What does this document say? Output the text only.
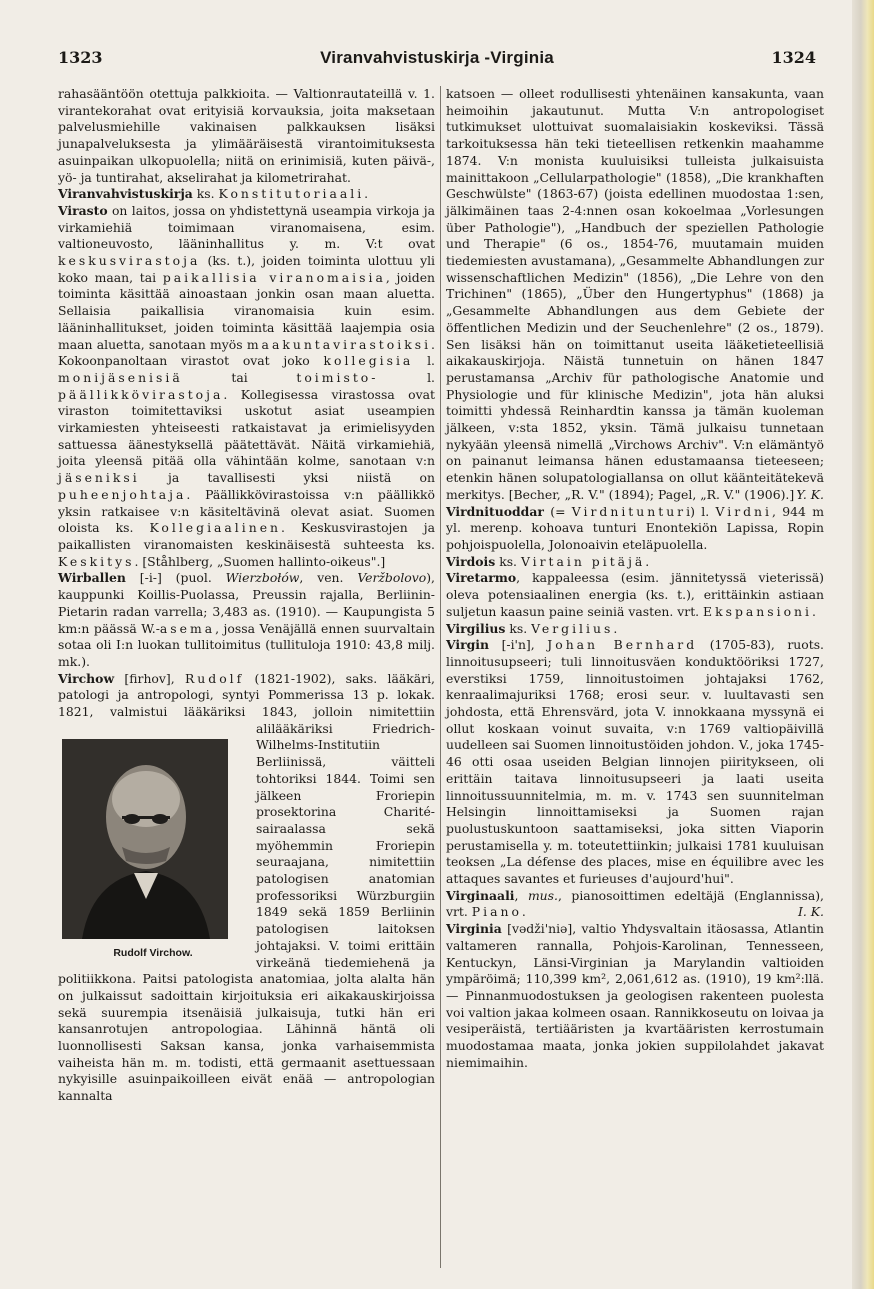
1323	Viranvahvistuskirja -Virginia	1324

rahasääntöön otettuja palkkioita. — Valtionrautateillä v. 1. virantekorahat ovat erityisiä korvauksia, joita maksetaan palvelusmiehille vakinaisen palkkauksen lisäksi junapalveluksesta ja ylimääräisestä virantoimituksesta asuinpaikan ulkopuolella; niitä on erinimisiä, kuten päivä-, yö- ja tuntirahat, akselirahat ja kilometrirahat.

Viranvahvistuskirja ks. Konstitutoriaali.

Virasto on laitos, jossa on yhdistettynä useampia virkoja ja virkamiehiä toimimaan viranomaisena, esim. valtioneuvosto, lääninhallitus y. m. V:t ovat keskusvirastoja (ks. t.), joiden toiminta ulottuu yli koko maan, tai paikallisia viranomaisia, joiden toiminta käsittää ainoastaan jonkin osan maan aluetta. Sellaisia paikallisia viranomaisia kuin esim. lääninhallitukset, joiden toiminta käsittää laajempia osia maan aluetta, sanotaan myös maakuntavirastoiksi. Kokoonpanoltaan virastot ovat joko kollegisia l. monijäsenisiä tai toimisto- l. päällikkövirastoja. Kollegisessa virastossa ovat viraston toimitettaviksi uskotut asiat useampien virkamiesten yhteiseesti ratkaistavat ja erimielisyyden sattuessa äänestyksellä päätettävät. Näitä virkamiehiä, joita yleensä pitää olla vähintään kolme, sanotaan v:n jäseniksi ja tavallisesti yksi niistä on puheenjohtaja. Päällikkövirastoissa v:n päällikkö yksin ratkaisee v:n käsiteltävinä olevat asiat. Suomen oloista ks. Kollegiaalinen. Keskusvirastojen ja paikallisten viranomaisten keskinäisestä suhteesta ks. Keskitys. [Ståhlberg, „Suomen hallinto-oikeus".]

Wirballen [-i-] (puol. Wierzbołów, ven. Veržbolovo), kauppunki Koillis-Puolassa, Preussin rajalla, Berliinin-Pietarin radan varrella; 3,483 as. (1910). — Kaupungista 5 km:n päässä W.-asema, jossa Venäjällä ennen suurvaltain sotaa oli I:n luokan tullitoimitus (tullituloja 1910: 43,8 milj. mk.).

Virchow [firhov], Rudolf (1821-1902), saks. lääkäri, patologi ja antropologi, syntyi Pommerissa 13 p. lokak. 1821, valmistui lääkäriksi 1843,
Rudolf Virchow.
jolloin nimitettiin alilääkäriksi Friedrich-Wilhelms-Institutiin Berliinissä, väitteli tohtoriksi 1844. Toimi sen jälkeen Froriepin prosektorina Charité-sairaalassa sekä myöhemmin Froriepin seuraajana, nimitettiin patologisen anatomian professoriksi Würzburgiin 1849 sekä 1859 Berliinin patologisen laitoksen johtajaksi. V. toimi erittäin virkeänä tiedemiehenä ja politiikkona. Paitsi patologista anatomiaa, jolta alalta hän on julkaissut sadoittain kirjoituksia eri aikakauskirjoissa sekä suurempia itsenäisiä julkaisuja, tutki hän eri kansanrotujen antropologiaa. Lähinnä häntä oli luonnollisesti Saksan kansa, jonka varhaisemmista vaiheista hän m. m. todisti, että germaanit asettuessaan nykyisille asuinpaikoilleen eivät enää — antropologian kannalta

katsoen — olleet rodullisesti yhtenäinen kansakunta, vaan heimoihin jakautunut. Mutta V:n antropologiset tutkimukset ulottuivat suomalaisiakin koskeviksi. Tässä tarkoituksessa hän teki tieteellisen retkenkin maahamme 1874. V:n monista kuuluisiksi tulleista julkaisuista mainittakoon „Cellularpathologie" (1858), „Die krankhaften Geschwülste" (1863-67) (joista edellinen muodostaa 1:sen, jälkimäinen taas 2-4:nnen osan kokoelmaa „Vorlesungen über Pathologie"), „Handbuch der speziellen Pathologie und Therapie" (6 os., 1854-76, muutamain muiden tiedemiesten avustamana), „Gesammelte Abhandlungen zur wissenschaftlichen Medizin" (1856), „Die Lehre von den Trichinen" (1865), „Über den Hungertyphus" (1868) ja „Gesammelte Abhandlungen aus dem Gebiete der öffentlichen Medizin und der Seuchenlehre" (2 os., 1879). Sen lisäksi hän on toimittanut useita lääketieteellisiä aikakauskirjoja. Näistä tunnetuin on hänen 1847 perustamansa „Archiv für pathologische Anatomie und Physiologie und für klinische Medizin", jota hän aluksi toimitti yhdessä Reinhardtin kanssa ja tämän kuoleman jälkeen, v:sta 1852, yksin. Tämä julkaisu tunnetaan nykyään yleensä nimellä „Virchows Archiv". V:n elämäntyö on painanut leimansa hänen edustamaansa tieteeseen; etenkin hänen solupatologiallansa on ollut käänteitätekevä merkitys. [Becher, „R. V." (1894); Pagel, „R. V." (1906).] Y. K.

Virdnituoddar (= Virdnitunturi) l. Virdni, 944 m yl. merenp. kohoava tunturi Enontekiön Lapissa, Ropin pohjoispuolella, Jolonoaivin eteläpuolella.

Virdois ks. Virtain pitäjä.

Viretarmo, kappaleessa (esim. jännitetyssä vieterissä) oleva potensiaalinen energia (ks. t.), erittäinkin astiaan suljetun kaasun paine seiniä vasten. vrt. Ekspansioni.

Virgilius ks. Vergilius.

Virgin [-i'n], Johan Bernhard (1705-83), ruots. linnoitusupseeri; tuli linnoitusväen konduktööriksi 1727, everstiksi 1759, linnoitustoimen johtajaksi 1762, kenraalimajuriksi 1768; erosi seur. v. luultavasti sen johdosta, että Ehrensvärd, jota V. innokkaana myssynä ei ollut koskaan voinut suvaita, v:n 1769 valtiopäivillä uudelleen sai Suomen linnoitustöiden johdon. V., joka 1745-46 otti osaa useiden Belgian linnojen piiritykseen, oli erittäin taitava linnoitusupseeri ja laati useita linnoitussuunnitelmia, m. m. v. 1743 sen suunnitelman Helsingin linnoittamiseksi ja Suomen rajan puolustuskuntoon saattamiseksi, joka sitten Viaporin perustamisella y. m. toteutettiinkin; julkaisi 1781 kuuluisan teoksen „La défense des places, mise en équilibre avec les attaques savantes et furieuses d'aujourd'hui".

Virginaali, mus., pianosoittimen edeltäjä (Englannissa), vrt. Piano.	I. K.

Virginia [vədži'niə], valtio Yhdysvaltain itäosassa, Atlantin valtameren rannalla, Pohjois-Karolinan, Tennesseen, Kentuckyn, Länsi-Virginian ja Marylandin valtioiden ympäröimä; 110,399 km², 2,061,612 as. (1910), 19 km²:llä. — Pinnanmuodostuksen ja geologisen rakenteen puolesta voi valtion jakaa kolmeen osaan. Rannikkoseutu on loivaa ja vesiperäistä, tertiääristen ja kvartääristen kerrostumain muodostamaa maata, jonka jokien suppilolahdet jakavat niemimaihin.
